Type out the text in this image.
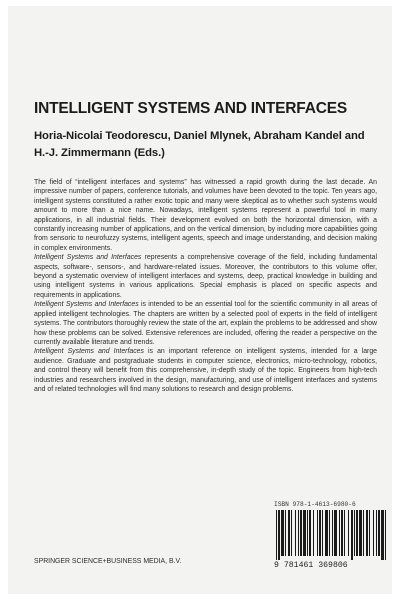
INTELLIGENT SYSTEMS AND INTERFACES
Horia-Nicolai Teodorescu, Daniel Mlynek, Abraham Kandel and
H.-J. Zimmermann (Eds.)

The field of “intelligent interfaces and systems” has witnessed a rapid growth during the last decade. An impressive number of papers, conference tutorials, and volumes have been devoted to the topic. Ten years ago, intelligent systems constituted a rather exotic topic and many were skeptical as to whether such systems would amount to more than a nice name. Nowadays, intelligent systems represent a powerful tool in many applications, in all industrial fields. Their development evolved on both the horizontal dimension, with a constantly increasing number of applications, and on the vertical dimension, by including more capabilities going from sensoric to neurofuzzy systems, intelligent agents, speech and image understanding, and decision making in complex environments.

Intelligent Systems and Interfaces represents a comprehensive coverage of the field, including fundamental aspects, software-, sensors-, and hardware-related issues. Moreover, the contributors to this volume offer, beyond a systematic overview of intelligent interfaces and systems, deep, practical knowledge in building and using intelligent systems in various applications. Special emphasis is placed on specific aspects and requirements in applications.

Intelligent Systems and Interfaces is intended to be an essential tool for the scientific community in all areas of applied intelligent technologies. The chapters are written by a selected pool of experts in the field of intelligent systems. The contributors thoroughly review the state of the art, explain the problems to be addressed and show how these problems can be solved. Extensive references are included, offering the reader a perspective on the currently available literature and trends.

Intelligent Systems and Interfaces is an important reference on intelligent systems, intended for a large audience. Graduate and postgraduate students in computer science, electronics, micro-technology, robotics, and control theory will benefit from this comprehensive, in-depth study of the topic. Engineers from high-tech industries and researchers involved in the design, manufacturing, and use of intelligent interfaces and systems and of related technologies will find many solutions to research and design problems.

ISBN 978-1-4613-6980-6
9 781461 369806
SPRINGER SCIENCE+BUSINESS MEDIA, B.V.
